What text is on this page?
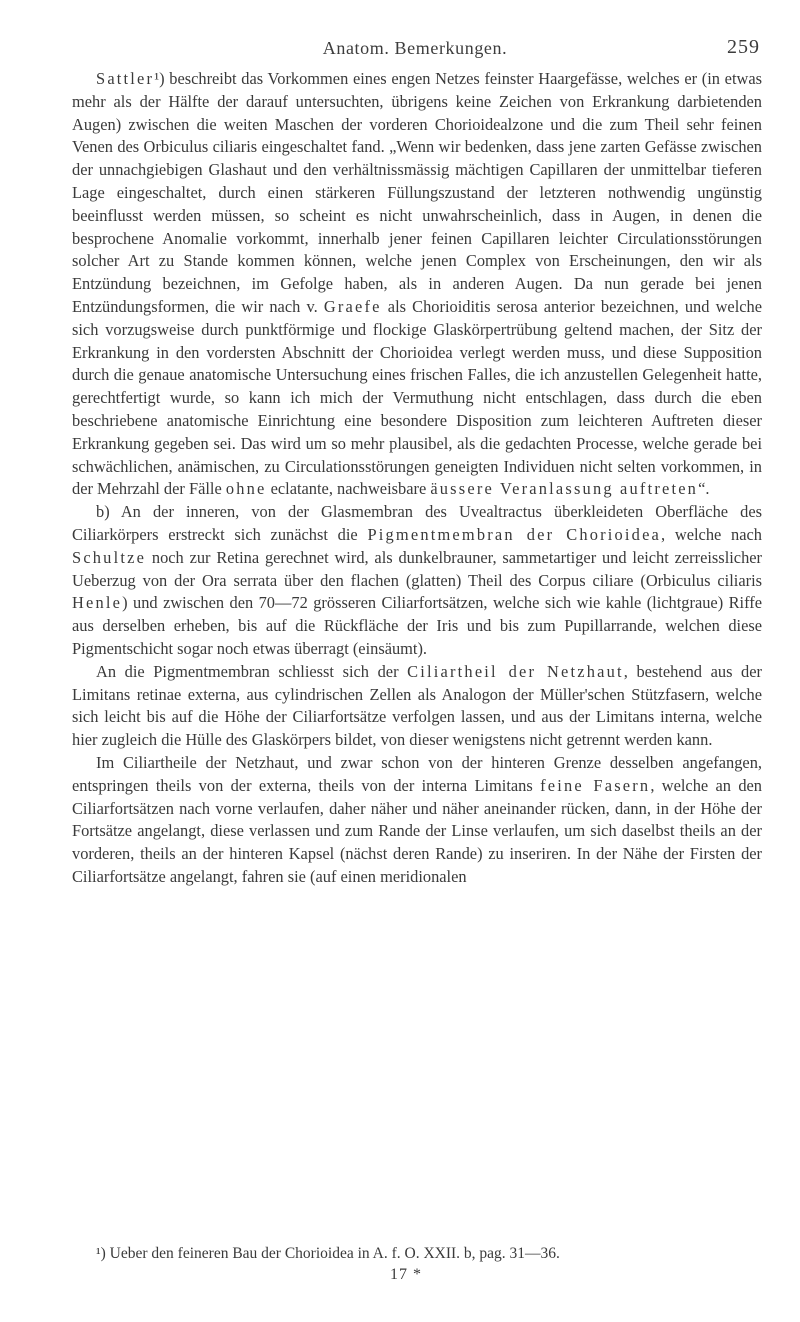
Anatom. Bemerkungen.	259

Sattler¹) beschreibt das Vorkommen eines engen Netzes feinster Haargefässe, welches er (in etwas mehr als der Hälfte der darauf untersuchten, übrigens keine Zeichen von Erkrankung darbietenden Augen) zwischen die weiten Maschen der vorderen Chorioidealzone und die zum Theil sehr feinen Venen des Orbiculus ciliaris eingeschaltet fand. „Wenn wir bedenken, dass jene zarten Gefässe zwischen der unnachgiebigen Glashaut und den verhältnissmässig mächtigen Capillaren der unmittelbar tieferen Lage eingeschaltet, durch einen stärkeren Füllungszustand der letzteren nothwendig ungünstig beeinflusst werden müssen, so scheint es nicht unwahrscheinlich, dass in Augen, in denen die besprochene Anomalie vorkommt, innerhalb jener feinen Capillaren leichter Circulationsstörungen solcher Art zu Stande kommen können, welche jenen Complex von Erscheinungen, den wir als Entzündung bezeichnen, im Gefolge haben, als in anderen Augen. Da nun gerade bei jenen Entzündungsformen, die wir nach v. Graefe als Chorioiditis serosa anterior bezeichnen, und welche sich vorzugsweise durch punktförmige und flockige Glaskörpertrübung geltend machen, der Sitz der Erkrankung in den vordersten Abschnitt der Chorioidea verlegt werden muss, und diese Supposition durch die genaue anatomische Untersuchung eines frischen Falles, die ich anzustellen Gelegenheit hatte, gerechtfertigt wurde, so kann ich mich der Vermuthung nicht entschlagen, dass durch die eben beschriebene anatomische Einrichtung eine besondere Disposition zum leichteren Auftreten dieser Erkrankung gegeben sei. Das wird um so mehr plausibel, als die gedachten Processe, welche gerade bei schwächlichen, anämischen, zu Circulationsstörungen geneigten Individuen nicht selten vorkommen, in der Mehrzahl der Fälle ohne eclatante, nachweisbare äussere Veranlassung auftreten“.

b) An der inneren, von der Glasmembran des Uvealtractus überkleideten Oberfläche des Ciliarkörpers erstreckt sich zunächst die Pigmentmembran der Chorioidea, welche nach Schultze noch zur Retina gerechnet wird, als dunkelbrauner, sammetartiger und leicht zerreisslicher Ueberzug von der Ora serrata über den flachen (glatten) Theil des Corpus ciliare (Orbiculus ciliaris Henle) und zwischen den 70—72 grösseren Ciliarfortsätzen, welche sich wie kahle (lichtgraue) Riffe aus derselben erheben, bis auf die Rückfläche der Iris und bis zum Pupillarrande, welchen diese Pigmentschicht sogar noch etwas überragt (einsäumt).

An die Pigmentmembran schliesst sich der Ciliartheil der Netzhaut, bestehend aus der Limitans retinae externa, aus cylindrischen Zellen als Analogon der Müller'schen Stützfasern, welche sich leicht bis auf die Höhe der Ciliarfortsätze verfolgen lassen, und aus der Limitans interna, welche hier zugleich die Hülle des Glaskörpers bildet, von dieser wenigstens nicht getrennt werden kann.

Im Ciliartheile der Netzhaut, und zwar schon von der hinteren Grenze desselben angefangen, entspringen theils von der externa, theils von der interna Limitans feine Fasern, welche an den Ciliarfortsätzen nach vorne verlaufen, daher näher und näher aneinander rücken, dann, in der Höhe der Fortsätze angelangt, diese verlassen und zum Rande der Linse verlaufen, um sich daselbst theils an der vorderen, theils an der hinteren Kapsel (nächst deren Rande) zu inseriren. In der Nähe der Firsten der Ciliarfortsätze angelangt, fahren sie (auf einen meridionalen

¹) Ueber den feineren Bau der Chorioidea in A. f. O. XXII. b, pag. 31—36.
17 *
